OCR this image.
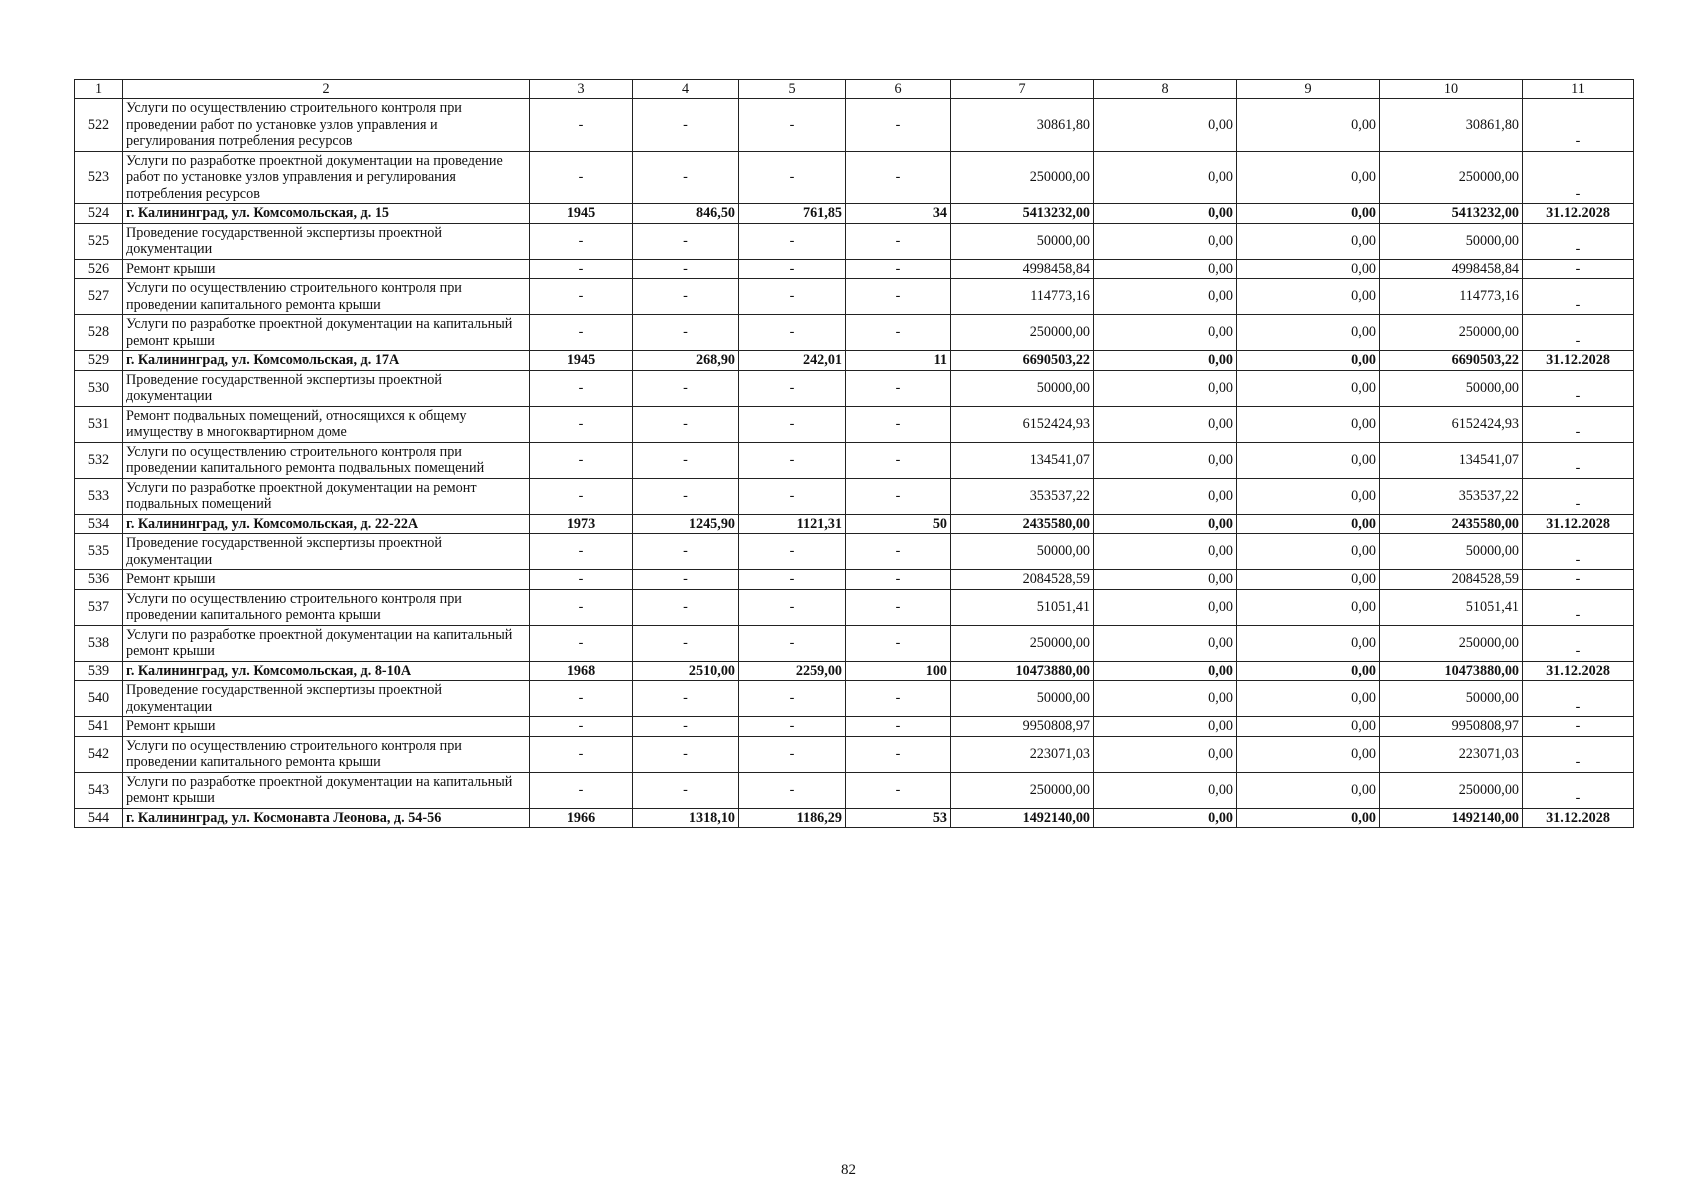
1	2	3	4	5	6	7	8	9	10	11
522	Услуги по осуществлению строительного контроля при проведении работ по установке узлов управления и регулирования потребления ресурсов	-	-	-	-	30861,80	0,00	0,00	30861,80	-
523	Услуги по разработке проектной документации на проведение работ по установке узлов управления и регулирования потребления ресурсов	-	-	-	-	250000,00	0,00	0,00	250000,00	-
524	г. Калининград, ул. Комсомольская, д. 15	1945	846,50	761,85	34	5413232,00	0,00	0,00	5413232,00	31.12.2028
525	Проведение государственной экспертизы проектной документации	-	-	-	-	50000,00	0,00	0,00	50000,00	-
526	Ремонт крыши	-	-	-	-	4998458,84	0,00	0,00	4998458,84	-
527	Услуги по осуществлению строительного контроля при проведении капитального ремонта крыши	-	-	-	-	114773,16	0,00	0,00	114773,16	-
528	Услуги по разработке проектной документации на капитальный ремонт крыши	-	-	-	-	250000,00	0,00	0,00	250000,00	-
529	г. Калининград, ул. Комсомольская, д. 17А	1945	268,90	242,01	11	6690503,22	0,00	0,00	6690503,22	31.12.2028
530	Проведение государственной экспертизы проектной документации	-	-	-	-	50000,00	0,00	0,00	50000,00	-
531	Ремонт подвальных помещений, относящихся к общему имуществу в многоквартирном доме	-	-	-	-	6152424,93	0,00	0,00	6152424,93	-
532	Услуги по осуществлению строительного контроля при проведении капитального ремонта подвальных помещений	-	-	-	-	134541,07	0,00	0,00	134541,07	-
533	Услуги по разработке проектной документации на ремонт подвальных помещений	-	-	-	-	353537,22	0,00	0,00	353537,22	-
534	г. Калининград, ул. Комсомольская, д. 22-22А	1973	1245,90	1121,31	50	2435580,00	0,00	0,00	2435580,00	31.12.2028
535	Проведение государственной экспертизы проектной документации	-	-	-	-	50000,00	0,00	0,00	50000,00	-
536	Ремонт крыши	-	-	-	-	2084528,59	0,00	0,00	2084528,59	-
537	Услуги по осуществлению строительного контроля при проведении капитального ремонта крыши	-	-	-	-	51051,41	0,00	0,00	51051,41	-
538	Услуги по разработке проектной документации на капитальный ремонт крыши	-	-	-	-	250000,00	0,00	0,00	250000,00	-
539	г. Калининград, ул. Комсомольская, д. 8-10А	1968	2510,00	2259,00	100	10473880,00	0,00	0,00	10473880,00	31.12.2028
540	Проведение государственной экспертизы проектной документации	-	-	-	-	50000,00	0,00	0,00	50000,00	-
541	Ремонт крыши	-	-	-	-	9950808,97	0,00	0,00	9950808,97	-
542	Услуги по осуществлению строительного контроля при проведении капитального ремонта крыши	-	-	-	-	223071,03	0,00	0,00	223071,03	-
543	Услуги по разработке проектной документации на капитальный ремонт крыши	-	-	-	-	250000,00	0,00	0,00	250000,00	-
544	г. Калининград, ул. Космонавта Леонова, д. 54-56	1966	1318,10	1186,29	53	1492140,00	0,00	0,00	1492140,00	31.12.2028
82
